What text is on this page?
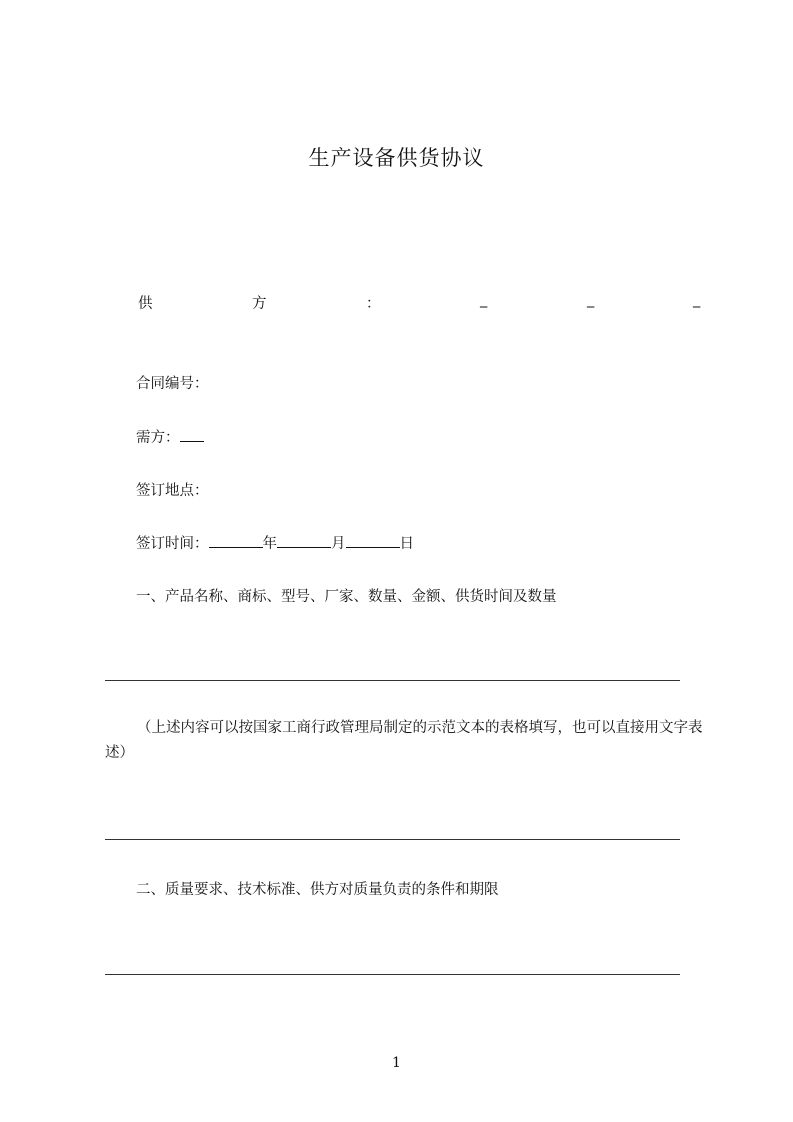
生产设备供货协议
供	方	：	_	_	_
合同编号：
需方：
签订地点：
签订时间：	年	月	日
一、产品名称、商标、型号、厂家、数量、金额、供货时间及数量
（上述内容可以按国家工商行政管理局制定的示范文本的表格填写，也可以直接用文字表述）
二、质量要求、技术标准、供方对质量负责的条件和期限
1
